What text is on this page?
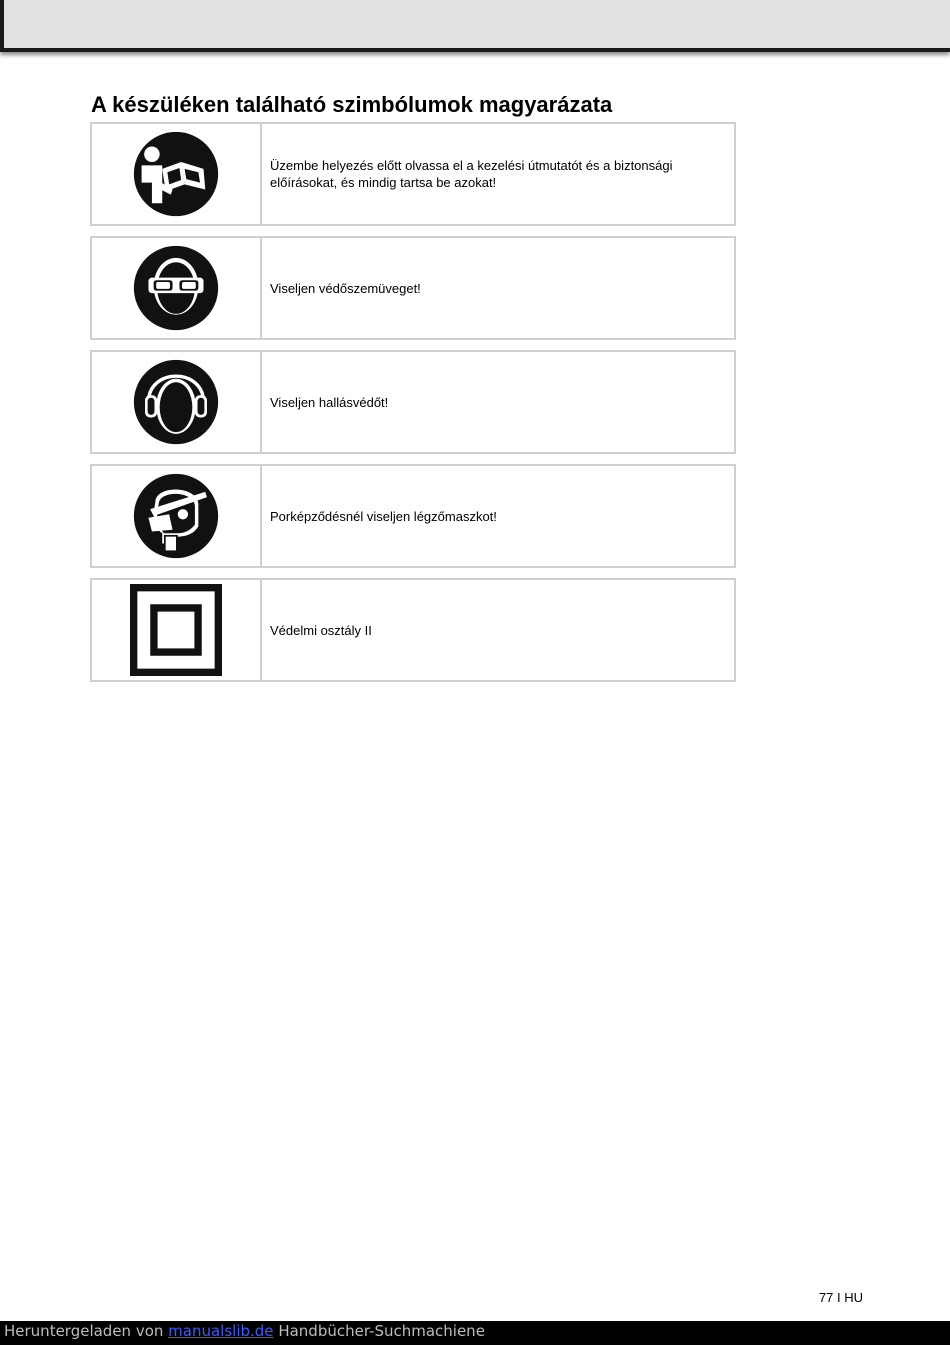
A készüléken található szimbólumok magyarázata
Üzembe helyezés előtt olvassa el a kezelési útmutatót és a biztonsági előírásokat, és mindig tartsa be azokat!
Viseljen védőszemüveget!
Viseljen hallásvédőt!
Porképződésnél viseljen légzőmaszkot!
Védelmi osztály II
77 I HU
Heruntergeladen von manualslib.de Handbücher-Suchmachiene
